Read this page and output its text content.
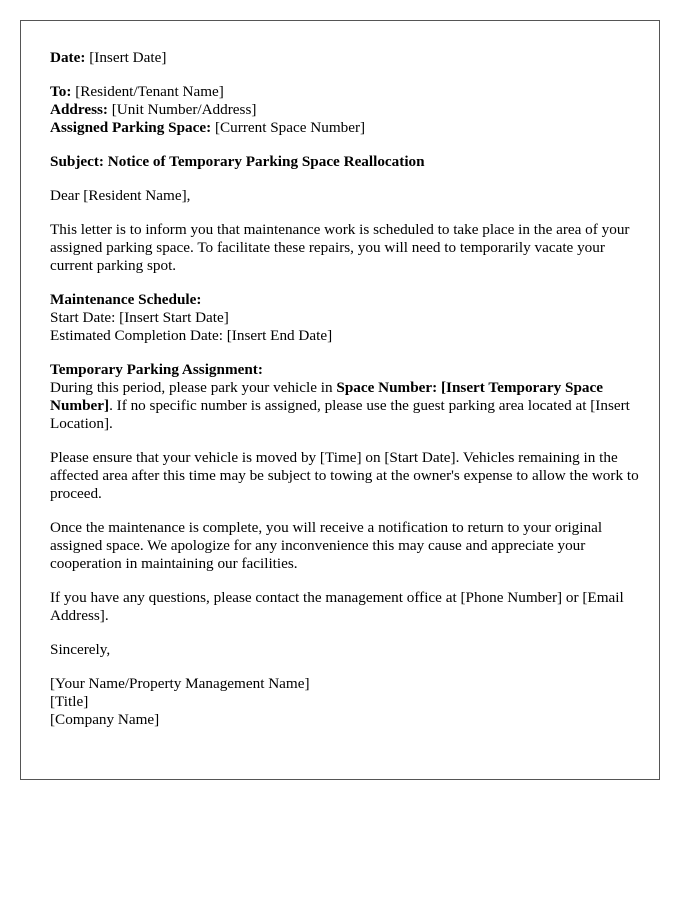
Date: [Insert Date]

To: [Resident/Tenant Name]
Address: [Unit Number/Address]
Assigned Parking Space: [Current Space Number]

Subject: Notice of Temporary Parking Space Reallocation

Dear [Resident Name],

This letter is to inform you that maintenance work is scheduled to take place in the area of your assigned parking space. To facilitate these repairs, you will need to temporarily vacate your current parking spot.

Maintenance Schedule:
Start Date: [Insert Start Date]
Estimated Completion Date: [Insert End Date]

Temporary Parking Assignment:
During this period, please park your vehicle in Space Number: [Insert Temporary Space Number]. If no specific number is assigned, please use the guest parking area located at [Insert Location].

Please ensure that your vehicle is moved by [Time] on [Start Date]. Vehicles remaining in the affected area after this time may be subject to towing at the owner's expense to allow the work to proceed.

Once the maintenance is complete, you will receive a notification to return to your original assigned space. We apologize for any inconvenience this may cause and appreciate your cooperation in maintaining our facilities.

If you have any questions, please contact the management office at [Phone Number] or [Email Address].

Sincerely,

[Your Name/Property Management Name]
[Title]
[Company Name]
